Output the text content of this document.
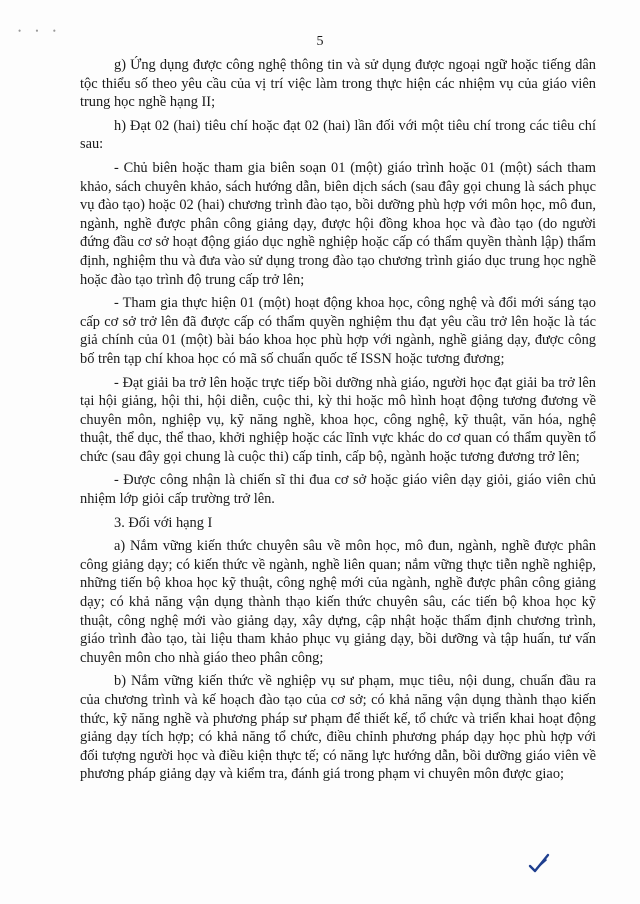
• • •
5

g) Ứng dụng được công nghệ thông tin và sử dụng được ngoại ngữ hoặc tiếng dân tộc thiểu số theo yêu cầu của vị trí việc làm trong thực hiện các nhiệm vụ của giáo viên trung học nghề hạng II;

h) Đạt 02 (hai) tiêu chí hoặc đạt 02 (hai) lần đối với một tiêu chí trong các tiêu chí sau:

- Chủ biên hoặc tham gia biên soạn 01 (một) giáo trình hoặc 01 (một) sách tham khảo, sách chuyên khảo, sách hướng dẫn, biên dịch sách (sau đây gọi chung là sách phục vụ đào tạo) hoặc 02 (hai) chương trình đào tạo, bồi dưỡng phù hợp với môn học, mô đun, ngành, nghề được phân công giảng dạy, được hội đồng khoa học và đào tạo (do người đứng đầu cơ sở hoạt động giáo dục nghề nghiệp hoặc cấp có thẩm quyền thành lập) thẩm định, nghiệm thu và đưa vào sử dụng trong đào tạo chương trình giáo dục trung học nghề hoặc đào tạo trình độ trung cấp trở lên;

- Tham gia thực hiện 01 (một) hoạt động khoa học, công nghệ và đổi mới sáng tạo cấp cơ sở trở lên đã được cấp có thẩm quyền nghiệm thu đạt yêu cầu trở lên hoặc là tác giả chính của 01 (một) bài báo khoa học phù hợp với ngành, nghề giảng dạy, được công bố trên tạp chí khoa học có mã số chuẩn quốc tế ISSN hoặc tương đương;

- Đạt giải ba trở lên hoặc trực tiếp bồi dưỡng nhà giáo, người học đạt giải ba trở lên tại hội giảng, hội thi, hội diễn, cuộc thi, kỳ thi hoặc mô hình hoạt động tương đương về chuyên môn, nghiệp vụ, kỹ năng nghề, khoa học, công nghệ, kỹ thuật, văn hóa, nghệ thuật, thể dục, thể thao, khởi nghiệp hoặc các lĩnh vực khác do cơ quan có thẩm quyền tổ chức (sau đây gọi chung là cuộc thi) cấp tỉnh, cấp bộ, ngành hoặc tương đương trở lên;

- Được công nhận là chiến sĩ thi đua cơ sở hoặc giáo viên dạy giỏi, giáo viên chủ nhiệm lớp giỏi cấp trường trở lên.

3. Đối với hạng I

a) Nắm vững kiến thức chuyên sâu về môn học, mô đun, ngành, nghề được phân công giảng dạy; có kiến thức về ngành, nghề liên quan; nắm vững thực tiễn nghề nghiệp, những tiến bộ khoa học kỹ thuật, công nghệ mới của ngành, nghề được phân công giảng dạy; có khả năng vận dụng thành thạo kiến thức chuyên sâu, các tiến bộ khoa học kỹ thuật, công nghệ mới vào giảng dạy, xây dựng, cập nhật hoặc thẩm định chương trình, giáo trình đào tạo, tài liệu tham khảo phục vụ giảng dạy, bồi dưỡng và tập huấn, tư vấn chuyên môn cho nhà giáo theo phân công;

b) Nắm vững kiến thức về nghiệp vụ sư phạm, mục tiêu, nội dung, chuẩn đầu ra của chương trình và kế hoạch đào tạo của cơ sở; có khả năng vận dụng thành thạo kiến thức, kỹ năng nghề và phương pháp sư phạm để thiết kế, tổ chức và triển khai hoạt động giảng dạy tích hợp; có khả năng tổ chức, điều chỉnh phương pháp dạy học phù hợp với đối tượng người học và điều kiện thực tế; có năng lực hướng dẫn, bồi dưỡng giáo viên về phương pháp giảng dạy và kiểm tra, đánh giá trong phạm vi chuyên môn được giao;
